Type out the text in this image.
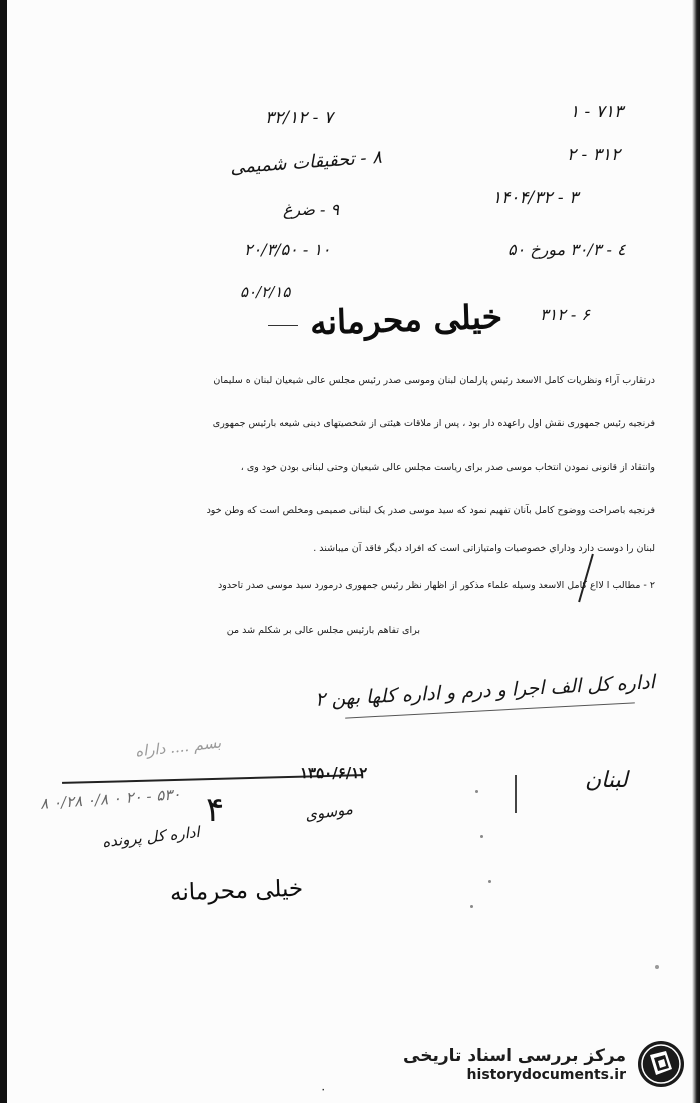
۷۱۳ - ۱
۷ - ۳۲/۱۲
۳۱۲ - ۲
۸ - تحقیقات شمیمی
۳ - ۱۴۰۴/۳۲
۹ - ضرغ
٤ - ۳۰/۳ مورخ ۵۰
۱۰ - ۲۰/۳/۵۰
۶ - ۳۱۲
۵۰/۲/۱۵
خیلی محرمانه
درتقارب آراء ونظریات کامل الاسعد رئیس پارلمان لبنان وموسی صدر رئیس مجلس عالی شیعیان لبنان ه سلیمان
فرنجیه رئیس جمهوری نقش اول راعهده دار بود ، پس از ملاقات هیئتی از شخصیتهای دینی شیعه بارئیس جمهوری
وانتقاد از قانونی نمودن انتخاب موسی صدر برای ریاست مجلس عالی شیعیان وحتی لبنانی بودن خود وی ،
فرنجیه باصراحت ووضوح کامل بآنان تفهیم نمود که سید موسی صدر یک لبنانی صمیمی ومخلص است که وطن خود
لبنان را دوست دارد وداراي خصوصیات وامتیازاتی است که افراد دیگر فاقد آن میباشند .
۲ - مطالب ا لااع کامل الاسعد وسیله علماء مذکور از اظهار نظر رئیس جمهوری درمورد سید موسی صدر تاحدود
برای تفاهم بارئیس مجلس عالی بر شکلم شد من
اداره کل الف اجرا و درم و اداره کلها بهن ۲
بسم .... داراه
۱۳۵۰/۶/۱۲
۵۳۰ - ۲۰ ۰ ۰/۸ ۰/۲۸ ۸
اداره کل پرونده
۴	موسوی
لبنان
خیلی محرمانه
۰
مرکز بررسی اسناد تاریخی
historydocuments.ir
